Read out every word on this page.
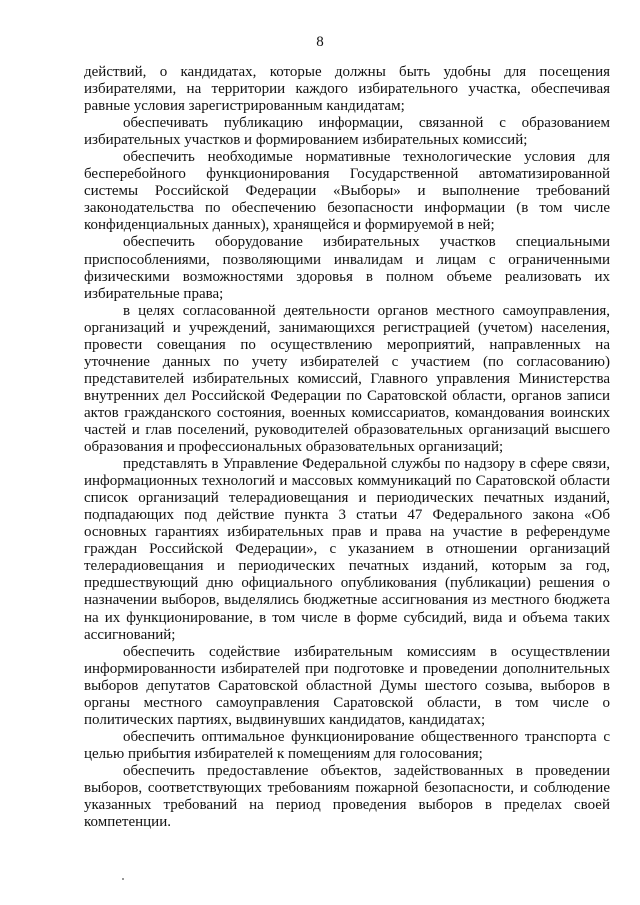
8

действий, о кандидатах, которые должны быть удобны для посещения избирателями, на территории каждого избирательного участка, обеспечивая равные условия зарегистрированным кандидатам;

обеспечивать публикацию информации, связанной с образованием избирательных участков и формированием избирательных комиссий;

обеспечить необходимые нормативные технологические условия для бесперебойного функционирования Государственной автоматизированной системы Российской Федерации «Выборы» и выполнение требований законодательства по обеспечению безопасности информации (в том числе конфиденциальных данных), хранящейся и формируемой в ней;

обеспечить оборудование избирательных участков специальными приспособлениями, позволяющими инвалидам и лицам с ограниченными физическими возможностями здоровья в полном объеме реализовать их избирательные права;

в целях согласованной деятельности органов местного самоуправления, организаций и учреждений, занимающихся регистрацией (учетом) населения, провести совещания по осуществлению мероприятий, направленных на уточнение данных по учету избирателей с участием (по согласованию) представителей избирательных комиссий, Главного управления Министерства внутренних дел Российской Федерации по Саратовской области, органов записи актов гражданского состояния, военных комиссариатов, командования воинских частей и глав поселений, руководителей образовательных организаций высшего образования и профессиональных образовательных организаций;

представлять в Управление Федеральной службы по надзору в сфере связи, информационных технологий и массовых коммуникаций по Саратовской области список организаций телерадиовещания и периодических печатных изданий, подпадающих под действие пункта 3 статьи 47 Федерального закона «Об основных гарантиях избирательных прав и права на участие в референдуме граждан Российской Федерации», с указанием в отношении организаций телерадиовещания и периодических печатных изданий, которым за год, предшествующий дню официального опубликования (публикации) решения о назначении выборов, выделялись бюджетные ассигнования из местного бюджета на их функционирование, в том числе в форме субсидий, вида и объема таких ассигнований;

обеспечить содействие избирательным комиссиям в осуществлении информированности избирателей при подготовке и проведении дополнительных выборов депутатов Саратовской областной Думы шестого созыва, выборов в органы местного самоуправления Саратовской области, в том числе о политических партиях, выдвинувших кандидатов, кандидатах;

обеспечить оптимальное функционирование общественного транспорта с целью прибытия избирателей к помещениям для голосования;

обеспечить предоставление объектов, задействованных в проведении выборов, соответствующих требованиям пожарной безопасности, и соблюдение указанных требований на период проведения выборов в пределах своей компетенции.
